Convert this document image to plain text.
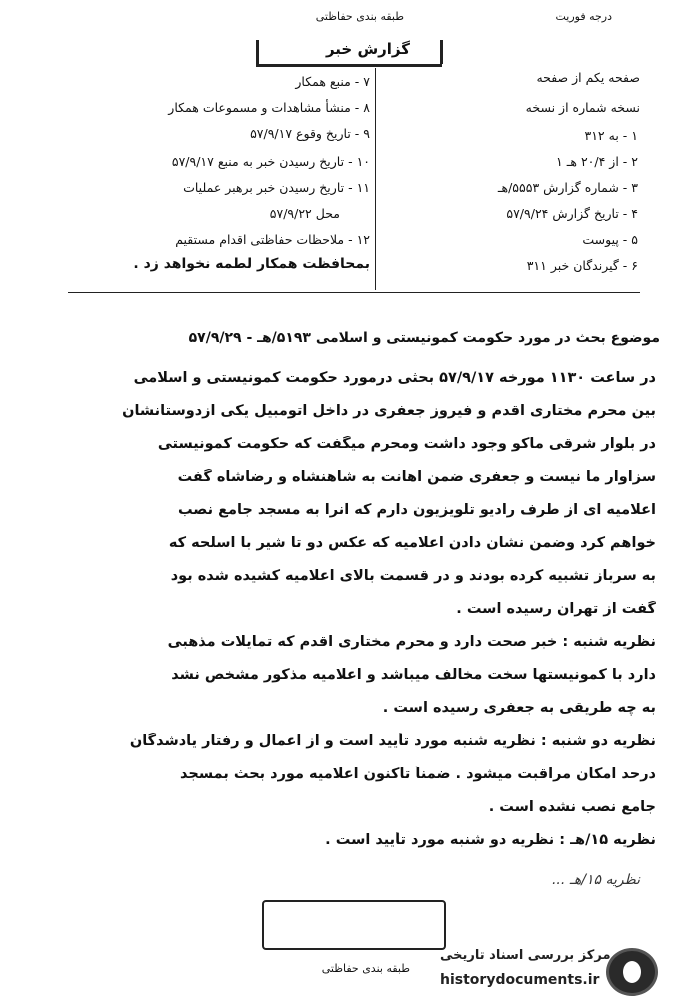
درجه فوریت
طبقه بندی حفاظتی
گزارش خبر
صفحه یکم از صفحه
نسخه شماره از نسخه
۱ - به ۳۱۲
۲ - از ۲۰/۴ هـ ۱
۳ - شماره گزارش ۵۵۵۳/هـ
۴ - تاریخ گزارش ۵۷/۹/۲۴
۵ - پیوست
۶ - گیرندگان خبر ۳۱۱
۷ - منبع همکار
۸ - منشأ مشاهدات و مسموعات همکار
۹ - تاریخ وقوع ۵۷/۹/۱۷
۱۰ - تاریخ رسیدن خبر به منبع ۵۷/۹/۱۷
۱۱ - تاریخ رسیدن خبر برهبر عملیات
محل ۵۷/۹/۲۲
۱۲ - ملاحظات حفاظتی اقدام مستقیم
بمحافظت همکار لطمه نخواهد زد .
موضوع بحث در مورد حکومت کمونیستی و اسلامی ۵۱۹۳/هـ - ۵۷/۹/۲۹
در ساعت ۱۱۳۰ مورخه ۵۷/۹/۱۷ بحثی درمورد حکومت کمونیستی و اسلامی
بین محرم مختاری اقدم و فیروز جعفری در داخل اتومبیل یکی ازدوستانشان
در بلوار شرقی ماکو وجود داشت ومحرم میگفت که حکومت کمونیستی
سزاوار ما نیست و جعفری ضمن اهانت به شاهنشاه و رضاشاه گفت
اعلامیه ای از طرف رادیو تلویزیون دارم که آنرا به مسجد جامع نصب
خواهم کرد وضمن نشان دادن اعلامیه که عکس دو تا شیر با اسلحه که
به سرباز تشبیه کرده بودند و در قسمت بالای اعلامیه کشیده شده بود
گفت از تهران رسیده است .
نظریه شنبه : خبر صحت دارد و محرم مختاری اقدم که تمایلات مذهبی
دارد با کمونیستها سخت مخالف میباشد و اعلامیه مذکور مشخص نشد
به چه طریقی به جعفری رسیده است .
نظریه دو شنبه : نظریه شنبه مورد تأیید است و از اعمال و رفتار یادشدگان
درحد امکان مراقبت میشود . ضمناً تاکنون اعلامیه مورد بحث بمسجد
جامع نصب نشده است .
نظریه ۱۵/هـ : نظریه دو شنبه مورد تأیید است .
نظریه ۱۵/هـ ...
طبقه بندی حفاظتی
مرکز بررسی اسناد تاریخی
historydocuments.ir
